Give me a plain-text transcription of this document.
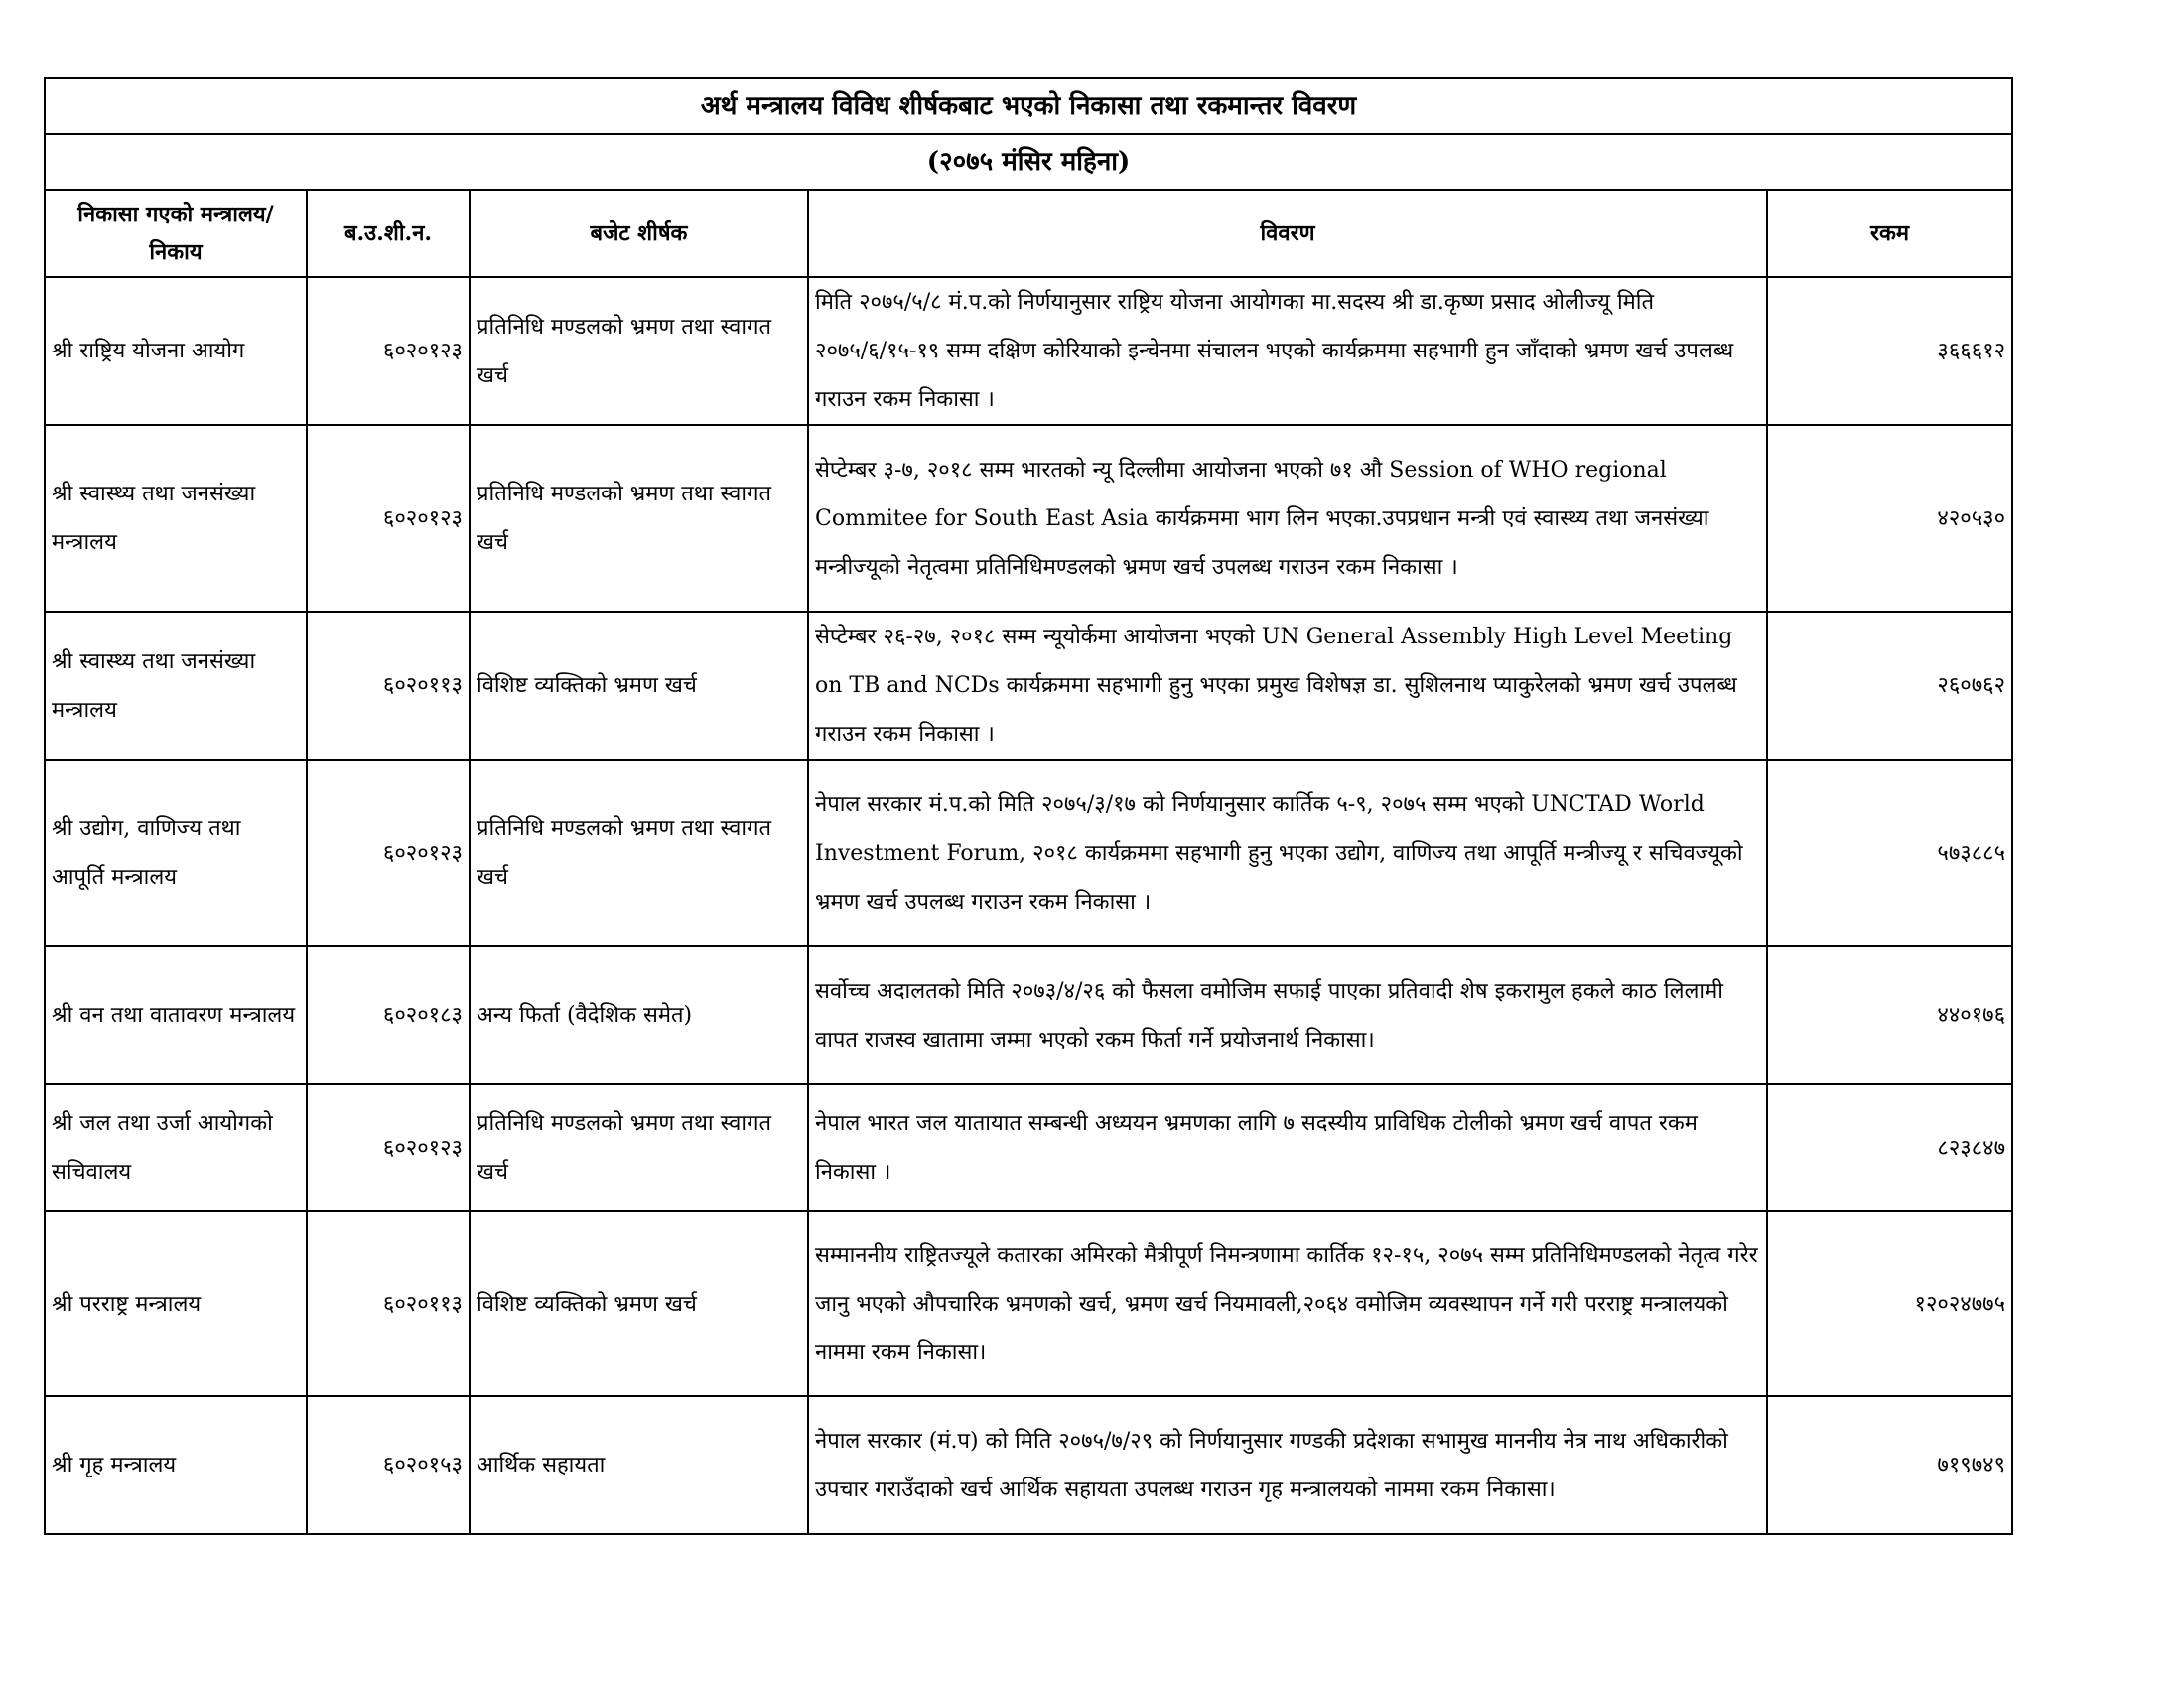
अर्थ मन्त्रालय विविध शीर्षकबाट भएको निकासा तथा रकमान्तर विवरण				
(२०७५ मंसिर महिना)				
निकासा गएको मन्त्रालय/निकाय	ब.उ.शी.न.	बजेट शीर्षक	विवरण	रकम
श्री राष्ट्रिय योजना आयोग	६०२०१२३	प्रतिनिधि मण्डलको भ्रमण तथा स्वागत खर्च	मिति २०७५/५/८ मं.प.को निर्णयानुसार राष्ट्रिय योजना आयोगका मा.सदस्य श्री डा.कृष्ण प्रसाद ओलीज्यू मिति २०७५/६/१५-१९ सम्म दक्षिण कोरियाको इन्चेनमा संचालन भएको कार्यक्रममा सहभागी हुन जाँदाको भ्रमण खर्च उपलब्ध गराउन रकम निकासा ।	३६६६१२
श्री स्वास्थ्य तथा जनसंख्या मन्त्रालय	६०२०१२३	प्रतिनिधि मण्डलको भ्रमण तथा स्वागत खर्च	सेप्टेम्बर ३-७, २०१८ सम्म भारतको न्यू दिल्लीमा आयोजना भएको ७१ औ Session of WHO regional Commitee for South East Asia कार्यक्रममा भाग लिन भएका.उपप्रधान मन्त्री एवं स्वास्थ्य तथा जनसंख्या मन्त्रीज्यूको नेतृत्वमा प्रतिनिधिमण्डलको भ्रमण खर्च उपलब्ध गराउन रकम निकासा ।	४२०५३०
श्री स्वास्थ्य तथा जनसंख्या मन्त्रालय	६०२०११३	विशिष्ट व्यक्तिको भ्रमण खर्च	सेप्टेम्बर २६-२७, २०१८ सम्म न्यूयोर्कमा आयोजना भएको UN General Assembly High Level Meeting on TB and NCDs कार्यक्रममा सहभागी हुनु भएका प्रमुख विशेषज्ञ डा. सुशिलनाथ प्याकुरेलको भ्रमण खर्च उपलब्ध गराउन रकम निकासा ।	२६०७६२
श्री उद्योग, वाणिज्य तथा आपूर्ति मन्त्रालय	६०२०१२३	प्रतिनिधि मण्डलको भ्रमण तथा स्वागत खर्च	नेपाल सरकार मं.प.को मिति २०७५/३/१७ को निर्णयानुसार कार्तिक ५-९, २०७५ सम्म भएको UNCTAD World Investment Forum, २०१८ कार्यक्रममा सहभागी हुनु भएका उद्योग, वाणिज्य तथा आपूर्ति मन्त्रीज्यू र सचिवज्यूको भ्रमण खर्च उपलब्ध गराउन रकम निकासा ।	५७३८८५
श्री वन तथा वातावरण मन्त्रालय	६०२०१८३	अन्य फिर्ता (वैदेशिक समेत)	सर्वोच्च अदालतको मिति २०७३/४/२६ को फैसला वमोजिम सफाई पाएका प्रतिवादी शेष इकरामुल हकले काठ लिलामी वापत राजस्व खातामा जम्मा भएको रकम फिर्ता गर्ने प्रयोजनार्थ निकासा।	४४०१७६
श्री जल तथा उर्जा आयोगको सचिवालय	६०२०१२३	प्रतिनिधि मण्डलको भ्रमण तथा स्वागत खर्च	नेपाल भारत जल यातायात सम्बन्धी अध्ययन भ्रमणका लागि ७ सदस्यीय प्राविधिक टोलीको भ्रमण खर्च वापत रकम निकासा ।	८२३८४७
श्री परराष्ट्र मन्त्रालय	६०२०११३	विशिष्ट व्यक्तिको भ्रमण खर्च	सम्माननीय राष्ट्रितज्यूले कतारका अमिरको मैत्रीपूर्ण निमन्त्रणामा कार्तिक १२-१५, २०७५ सम्म प्रतिनिधिमण्डलको नेतृत्व गरेर जानु भएको औपचारिक भ्रमणको खर्च, भ्रमण खर्च नियमावली,२०६४ वमोजिम व्यवस्थापन गर्ने गरी परराष्ट्र मन्त्रालयको नाममा रकम निकासा।	१२०२४७७५
श्री गृह मन्त्रालय	६०२०१५३	आर्थिक सहायता	नेपाल सरकार (मं.प) को मिति २०७५/७/२९ को निर्णयानुसार गण्डकी प्रदेशका सभामुख माननीय नेत्र नाथ अधिकारीको उपचार गराउँदाको खर्च आर्थिक सहायता उपलब्ध गराउन गृह मन्त्रालयको नाममा रकम निकासा।	७१९७४९
